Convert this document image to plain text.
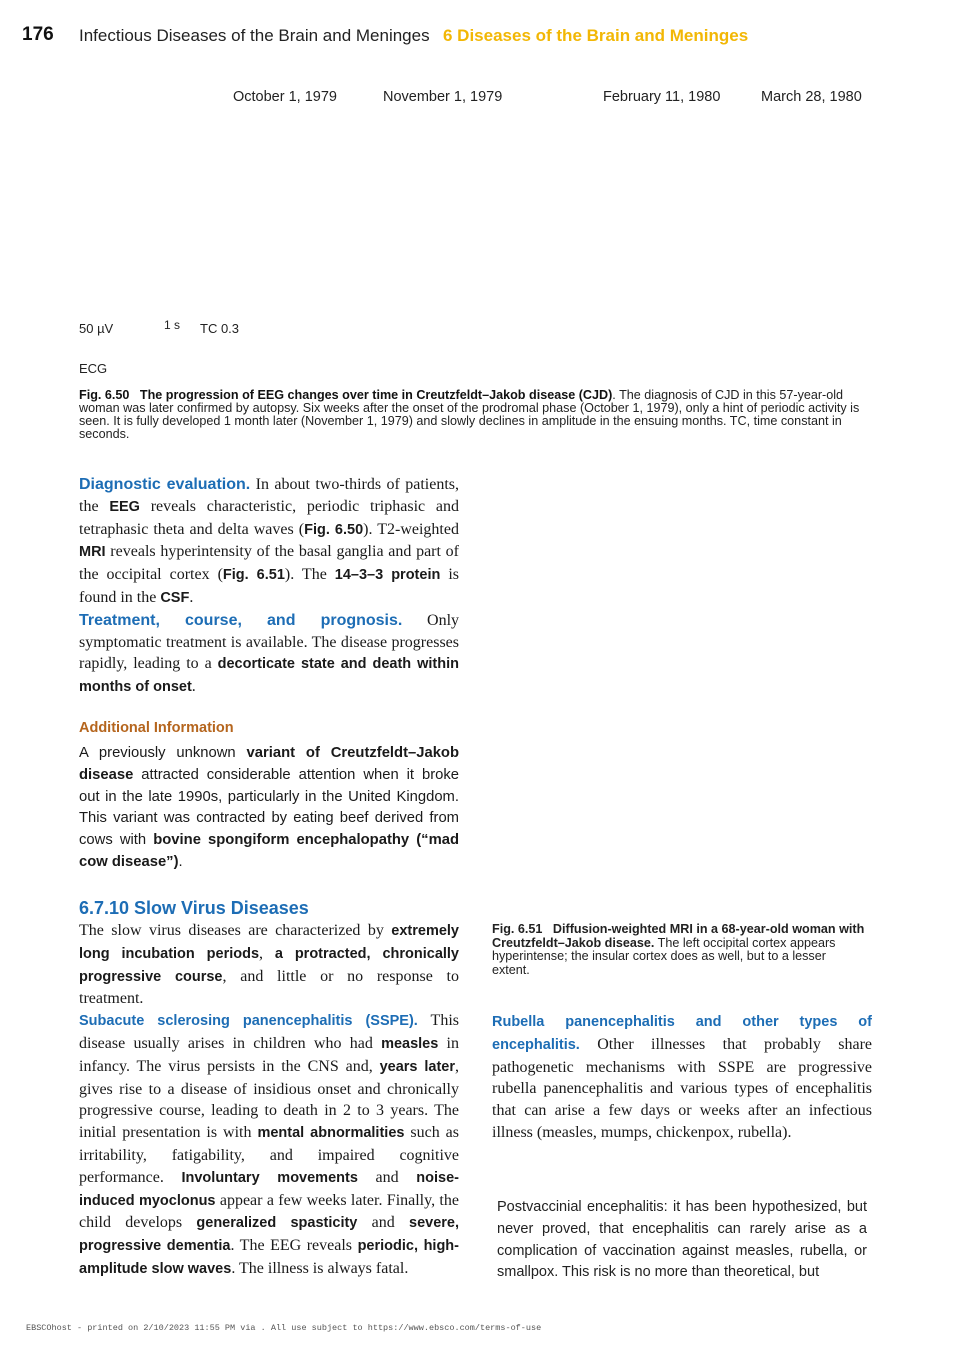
176 Infectious Diseases of the Brain and Meninges 6 Diseases of the Brain and Meninges
October 1, 1979	November 1, 1979	February 11, 1980	March 28, 1980
50 µV	1 s TC 0.3
ECG
Fig. 6.50 The progression of EEG changes over time in Creutzfeldt–Jakob disease (CJD). The diagnosis of CJD in this 57-year-old woman was later confirmed by autopsy. Six weeks after the onset of the prodromal phase (October 1, 1979), only a hint of periodic activity is seen. It is fully developed 1 month later (November 1, 1979) and slowly declines in amplitude in the ensuing months. TC, time constant in seconds.
Diagnostic evaluation. In about two-thirds of patients, the EEG reveals characteristic, periodic triphasic and tetraphasic theta and delta waves (Fig. 6.50). T2-weighted MRI reveals hyperintensity of the basal ganglia and part of the occipital cortex (Fig. 6.51). The 14–3–3 protein is found in the CSF.
Treatment, course, and prognosis. Only symptomatic treatment is available. The disease progresses rapidly, leading to a decorticate state and death within months of onset.
Additional Information
A previously unknown variant of Creutzfeldt–Jakob disease attracted considerable attention when it broke out in the late 1990s, particularly in the United Kingdom. This variant was contracted by eating beef derived from cows with bovine spongiform encephalopathy (“mad cow disease”).
6.7.10 Slow Virus Diseases
The slow virus diseases are characterized by extremely long incubation periods, a protracted, chronically progressive course, and little or no response to treatment.
Subacute sclerosing panencephalitis (SSPE). This disease usually arises in children who had measles in infancy. The virus persists in the CNS and, years later, gives rise to a disease of insidious onset and chronically progressive course, leading to death in 2 to 3 years. The initial presentation is with mental abnormalities such as irritability, fatigability, and impaired cognitive performance. Involuntary movements and noise-induced myoclonus appear a few weeks later. Finally, the child develops generalized spasticity and severe, progressive dementia. The EEG reveals periodic, high-amplitude slow waves. The illness is always fatal.
Fig. 6.51 Diffusion-weighted MRI in a 68-year-old woman with Creutzfeldt–Jakob disease. The left occipital cortex appears hyperintense; the insular cortex does as well, but to a lesser extent.
Rubella panencephalitis and other types of encephalitis. Other illnesses that probably share pathogenetic mechanisms with SSPE are progressive rubella panencephalitis and various types of encephalitis that can arise a few days or weeks after an infectious illness (measles, mumps, chickenpox, rubella).
Postvaccinial encephalitis: it has been hypothesized, but never proved, that encephalitis can rarely arise as a complication of vaccination against measles, rubella, or smallpox. This risk is no more than theoretical, but
EBSCOhost - printed on 2/10/2023 11:55 PM via . All use subject to https://www.ebsco.com/terms-of-use
